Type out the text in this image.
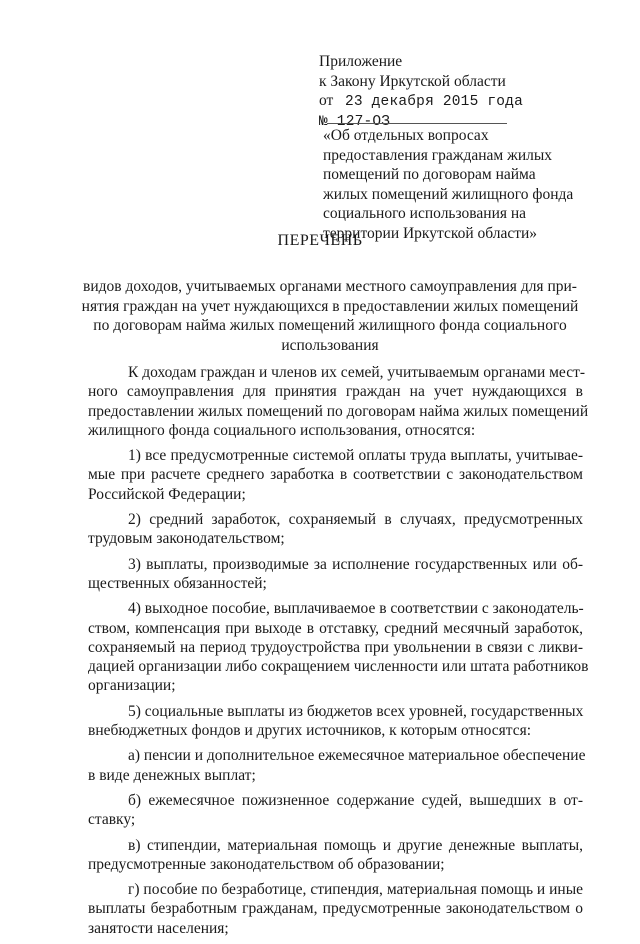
Приложение
к Закону Иркутской области
от 23 декабря 2015 года
№ 127-ОЗ
«Об отдельных вопросах
предоставления гражданам жилых
помещений по договорам найма
жилых помещений жилищного фонда
социального использования на
территории Иркутской области»
ПЕРЕЧЕНЬ
видов доходов, учитываемых органами местного самоуправления для при-
нятия граждан на учет нуждающихся в предоставлении жилых помещений
по договорам найма жилых помещений жилищного фонда социального
использования
К доходам граждан и членов их семей, учитываемым органами мест-
ного самоуправления для принятия граждан на учет нуждающихся в
предоставлении жилых помещений по договорам найма жилых помещений
жилищного фонда социального использования, относятся:
1) все предусмотренные системой оплаты труда выплаты, учитывае-
мые при расчете среднего заработка в соответствии с законодательством
Российской Федерации;
2) средний заработок, сохраняемый в случаях, предусмотренных
трудовым законодательством;
3) выплаты, производимые за исполнение государственных или об-
щественных обязанностей;
4) выходное пособие, выплачиваемое в соответствии с законодатель-
ством, компенсация при выходе в отставку, средний месячный заработок,
сохраняемый на период трудоустройства при увольнении в связи с ликви-
дацией организации либо сокращением численности или штата работников
организации;
5) социальные выплаты из бюджетов всех уровней, государственных
внебюджетных фондов и других источников, к которым относятся:
а) пенсии и дополнительное ежемесячное материальное обеспечение
в виде денежных выплат;
б) ежемесячное пожизненное содержание судей, вышедших в от-
ставку;
в) стипендии, материальная помощь и другие денежные выплаты,
предусмотренные законодательством об образовании;
г) пособие по безработице, стипендия, материальная помощь и иные
выплаты безработным гражданам, предусмотренные законодательством о
занятости населения;
